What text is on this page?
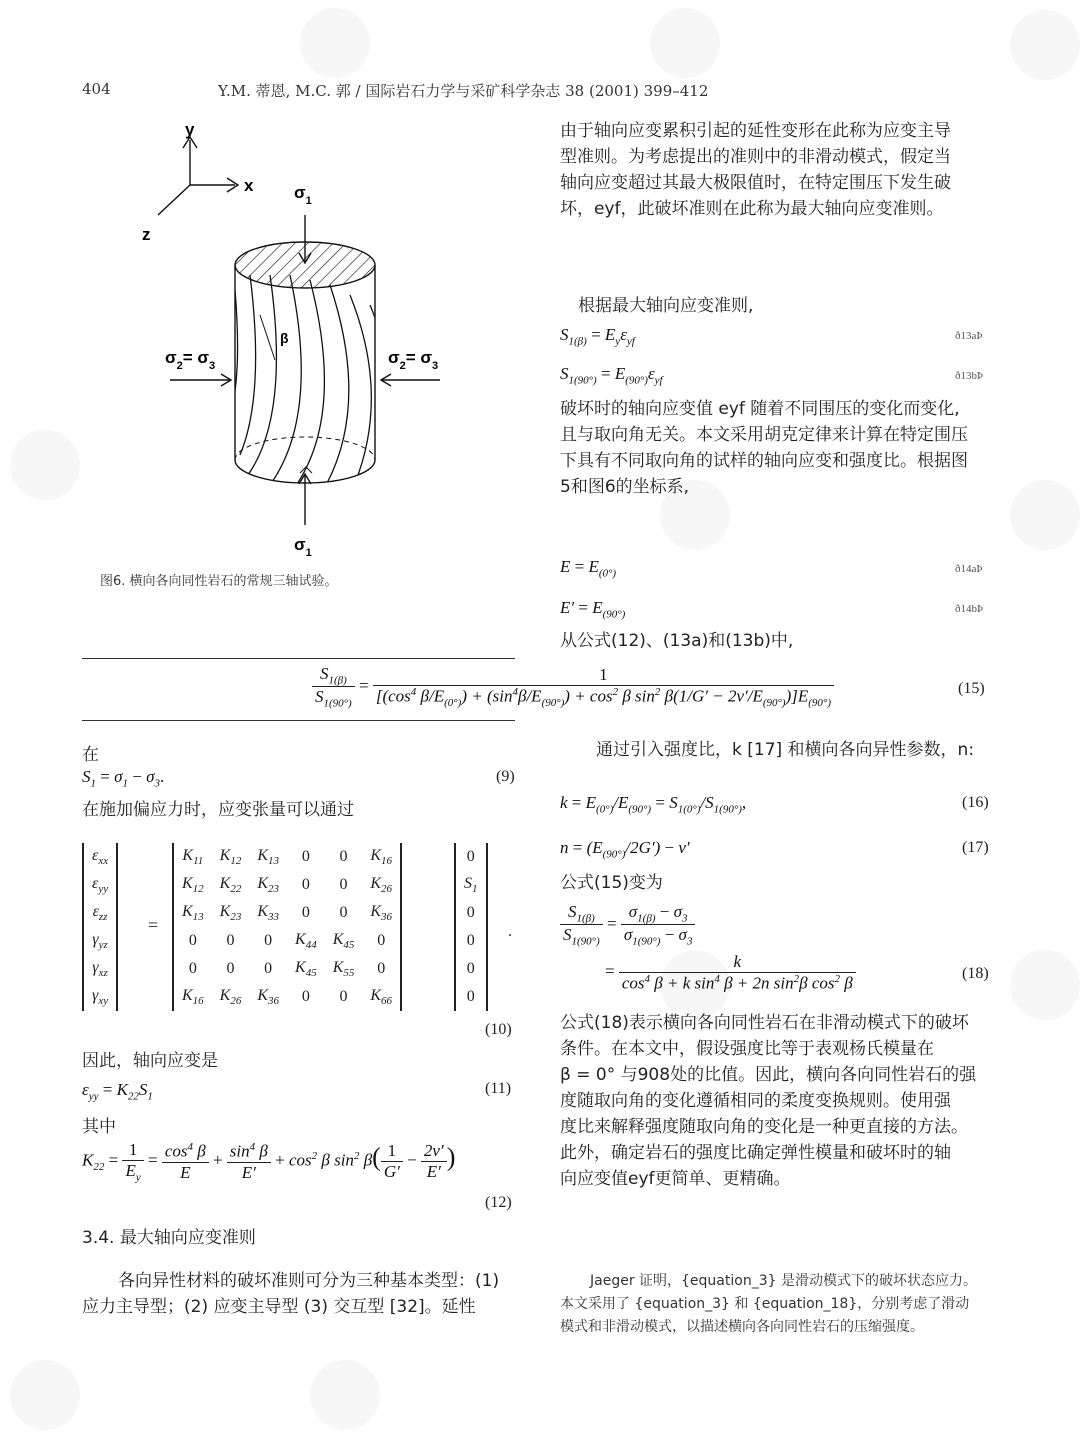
404	Y.M. 蒂恩, M.C. 郭 / 国际岩石力学与采矿科学杂志 38 (2001) 399–412
y
x
z
β
$\sigma_1$
$\sigma_1$
$\sigma_2= \sigma_3$	$\sigma_2= \sigma_3$
图6. 横向各向同性岩石的常规三轴试验。
由于轴向应变累积引起的延性变形在此称为应变主导
型准则。为考虑提出的准则中的非滑动模式，假定当
轴向应变超过其最大极限值时，在特定围压下发生破
坏，eyf，此破坏准则在此称为最大轴向应变准则。
根据最大轴向应变准则,
$S_{1(\beta)} = E_y\varepsilon_{yf}$	ð13aÞ
$S_{1(90^\circ)} = E_{(90^\circ)}\varepsilon_{yf}$	ð13bÞ
破坏时的轴向应变值 eyf 随着不同围压的变化而变化,
且与取向角无关。本文采用胡克定律来计算在特定围压
下具有不同取向角的试样的轴向应变和强度比。根据图
5和图6的坐标系,
$E = E_{(0^\circ)}$	ð14aÞ
$E' = E_{(90^\circ)}$	ð14bÞ
从公式(12)、(13a)和(13b)中,
$\frac{S_{1(\beta)}}{S_{1(90^\circ)}}$ =
1
[($\cos^4$ $\beta/E_{(0^\circ)}) + (\sin^4\beta/E_{(90^\circ)}) + \cos^2 \beta$ $\sin^2 \beta(1/G' - 2v'/E_{(90^\circ)})]E_{(90^\circ)}$
(15)
在
$S_1 = \sigma_1 - \sigma_3$.	(9)
在施加偏应力时，应变张量可以通过
$\varepsilon_{xx}$
$\varepsilon_{yy}$
$\varepsilon_{zz}$
$\gamma_{yz}$
$\gamma_{xz}$
$\gamma_{xy}$
=
$K_{11}$	$K_{12}$	$K_{13}$	0	0	$K_{16}$
$K_{12}$	$K_{22}$	$K_{23}$	0	0	$K_{26}$
$K_{13}$	$K_{23}$	$K_{33}$	0	0	$K_{36}$
0	0	0	$K_{44}$	$K_{45}$	0
0	0	0	$K_{45}$	$K_{55}$	0
$K_{16}$	$K_{26}$	$K_{36}$	0	0	$K_{66}$
0
$S_1$
0
0
0
0
.
(10)
因此，轴向应变是
$\varepsilon_{yy} = K_{22}S_1$	(11)
其中
$K_{22} = \frac{1}{E_y} = \frac{\cos^4 \beta}{E} + \frac{\sin^4 \beta}{E'} + \cos^2 \beta$ $\sin^2 \beta( \frac{1}{G'} - \frac{2v'}{E'}$ )
(12)
3.4. 最大轴向应变准则
各向异性材料的破坏准则可分为三种基本类型：(1)
应力主导型；(2) 应变主导型 (3) 交互型 [32]。延性
通过引入强度比，k [17] 和横向各向异性参数，n:
$k = E_{(0^\circ)}/E_{(90^\circ)} = S_{1(0^\circ)}/S_{1(90^\circ)}$,	(16)
$n = (E_{(90^\circ)}/2G') - v'$	(17)
公式(15)变为
$\frac{S_{1(\beta)}}{S_{1(90^\circ)}} = \frac{\sigma_{1(\beta)} - \sigma_3}{\sigma_{1(90^\circ)} - \sigma_3}$
= $\frac{k}{\cos^4 \beta + k \sin^4 \beta + 2n \sin^2\beta \cos^2 \beta}$	(18)
公式(18)表示横向各向同性岩石在非滑动模式下的破坏
条件。在本文中，假设强度比等于表观杨氏模量在
β = 0° 与908处的比值。因此，横向各向同性岩石的强
度随取向角的变化遵循相同的柔度变换规则。使用强
度比来解释强度随取向角的变化是一种更直接的方法。
此外，确定岩石的强度比确定弹性模量和破坏时的轴
向应变值eyf更简单、更精确。
Jaeger 证明，{equation_3} 是滑动模式下的破坏状态应力。
本文采用了 {equation_3} 和 {equation_18}，分别考虑了滑动
模式和非滑动模式，以描述横向各向同性岩石的压缩强度。
